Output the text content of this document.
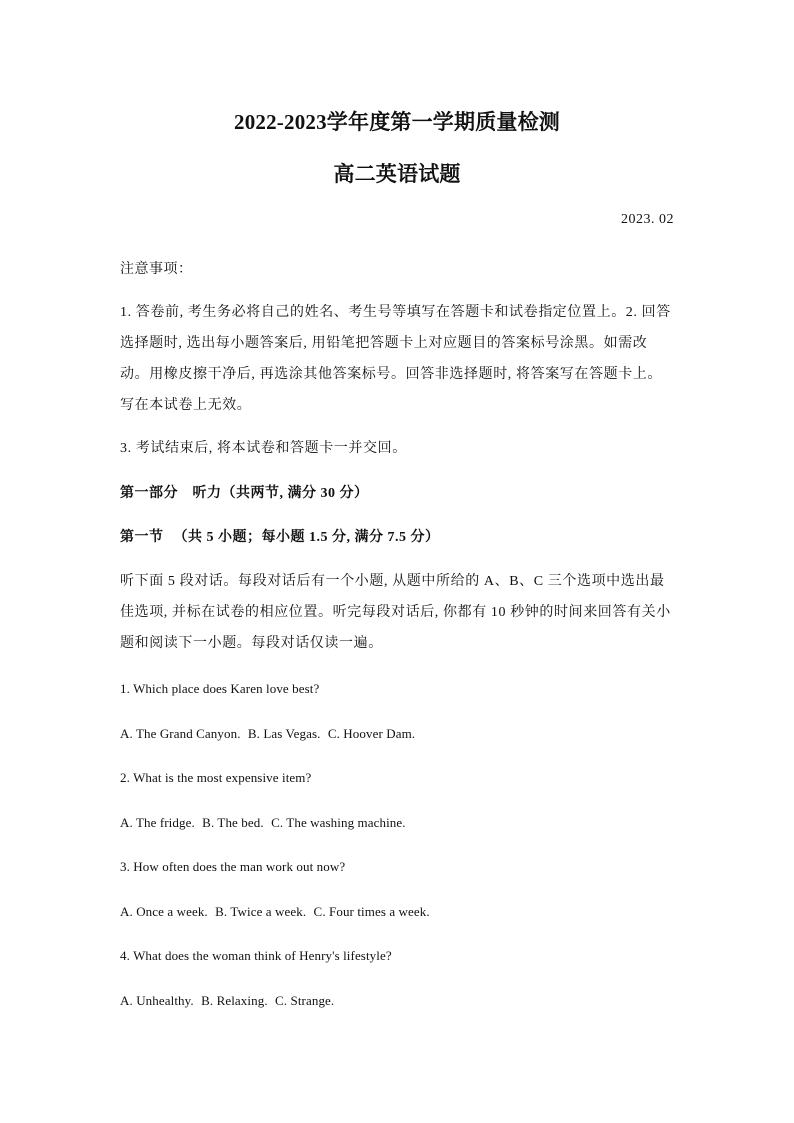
2022-2023学年度第一学期质量检测
高二英语试题
2023. 02
注意事项：
1. 答卷前, 考生务必将自己的姓名、考生号等填写在答题卡和试卷指定位置上。2. 回答选择题时, 选出每小题答案后, 用铅笔把答题卡上对应题目的答案标号涂黑。如需改动。用橡皮擦干净后, 再选涂其他答案标号。回答非选择题时, 将答案写在答题卡上。写在本试卷上无效。
3. 考试结束后, 将本试卷和答题卡一并交回。
第一部分　听力（共两节, 满分 30 分）
第一节 （共 5 小题；每小题 1.5 分, 满分 7.5 分）
听下面 5 段对话。每段对话后有一个小题, 从题中所给的 A、B、C 三个选项中选出最佳选项, 并标在试卷的相应位置。听完每段对话后, 你都有 10 秒钟的时间来回答有关小题和阅读下一小题。每段对话仅读一遍。
1. Which place does Karen love best?
A. The Grand Canyon. B. Las Vegas. C. Hoover Dam.
2. What is the most expensive item?
A. The fridge. B. The bed. C. The washing machine.
3. How often does the man work out now?
A. Once a week. B. Twice a week. C. Four times a week.
4. What does the woman think of Henry's lifestyle?
A. Unhealthy. B. Relaxing. C. Strange.
